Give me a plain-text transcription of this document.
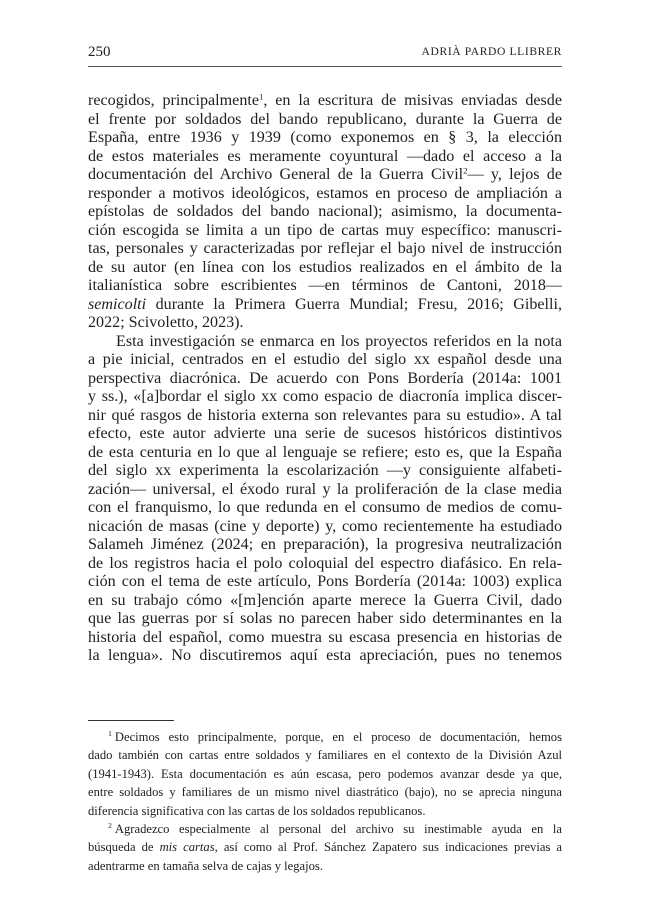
250	ADRIÀ PARDO LLIBRER
recogidos, principalmente$^1$, en la escritura de misivas enviadas desde
el frente por soldados del bando republicano, durante la Guerra de
España, entre 1936 y 1939 (como exponemos en § 3, la elección
de estos materiales es meramente coyuntural —dado el acceso a la
documentación del Archivo General de la Guerra Civil$^2$— y, lejos de
responder a motivos ideológicos, estamos en proceso de ampliación a
epístolas de soldados del bando nacional); asimismo, la documenta-
ción escogida se limita a un tipo de cartas muy específico: manuscri-
tas, personales y caracterizadas por reflejar el bajo nivel de instrucción
de su autor (en línea con los estudios realizados en el ámbito de la
italianística sobre escribientes —en términos de Cantoni, 2018—
semicolti durante la Primera Guerra Mundial; Fresu, 2016; Gibelli,
2022; Scivoletto, 2023).
Esta investigación se enmarca en los proyectos referidos en la nota
a pie inicial, centrados en el estudio del siglo xx español desde una
perspectiva diacrónica. De acuerdo con Pons Bordería (2014a: 1001
y ss.), «[a]bordar el siglo xx como espacio de diacronía implica discer-
nir qué rasgos de historia externa son relevantes para su estudio». A tal
efecto, este autor advierte una serie de sucesos históricos distintivos
de esta centuria en lo que al lenguaje se refiere; esto es, que la España
del siglo xx experimenta la escolarización —y consiguiente alfabeti-
zación— universal, el éxodo rural y la proliferación de la clase media
con el franquismo, lo que redunda en el consumo de medios de comu-
nicación de masas (cine y deporte) y, como recientemente ha estudiado
Salameh Jiménez (2024; en preparación), la progresiva neutralización
de los registros hacia el polo coloquial del espectro diafásico. En rela-
ción con el tema de este artículo, Pons Bordería (2014a: 1003) explica
en su trabajo cómo «[m]ención aparte merece la Guerra Civil, dado
que las guerras por sí solas no parecen haber sido determinantes en la
historia del español, como muestra su escasa presencia en historias de
la lengua». No discutiremos aquí esta apreciación, pues no tenemos
$^1$ Decimos esto principalmente, porque, en el proceso de documentación, hemos
dado también con cartas entre soldados y familiares en el contexto de la División Azul
(1941-1943). Esta documentación es aún escasa, pero podemos avanzar desde ya que,
entre soldados y familiares de un mismo nivel diastrático (bajo), no se aprecia ninguna
diferencia significativa con las cartas de los soldados republicanos.
$^2$ Agradezco especialmente al personal del archivo su inestimable ayuda en la
búsqueda de mis cartas, así como al Prof. Sánchez Zapatero sus indicaciones previas a
adentrarme en tamaña selva de cajas y legajos.
